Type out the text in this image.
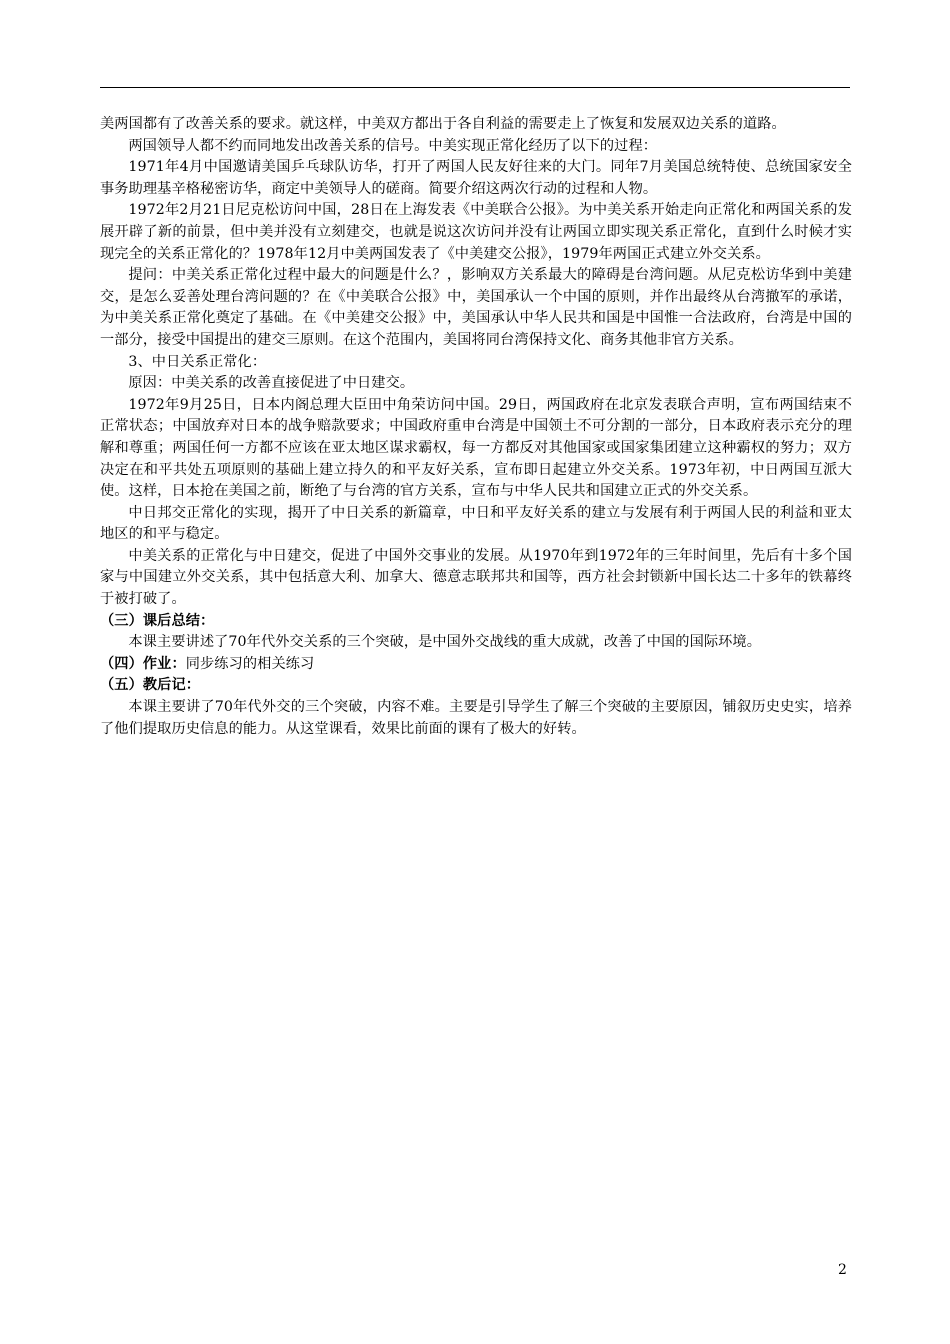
美两国都有了改善关系的要求。就这样，中美双方都出于各自利益的需要走上了恢复和发展双边关系的道路。

两国领导人都不约而同地发出改善关系的信号。中美实现正常化经历了以下的过程：

1971年4月中国邀请美国乒乓球队访华，打开了两国人民友好往来的大门。同年7月美国总统特使、总统国家安全事务助理基辛格秘密访华，商定中美领导人的磋商。简要介绍这两次行动的过程和人物。

1972年2月21日尼克松访问中国，28日在上海发表《中美联合公报》。为中美关系开始走向正常化和两国关系的发展开辟了新的前景，但中美并没有立刻建交，也就是说这次访问并没有让两国立即实现关系正常化，直到什么时候才实现完全的关系正常化的？1978年12月中美两国发表了《中美建交公报》，1979年两国正式建立外交关系。

提问：中美关系正常化过程中最大的问题是什么？，影响双方关系最大的障碍是台湾问题。从尼克松访华到中美建交，是怎么妥善处理台湾问题的？在《中美联合公报》中，美国承认一个中国的原则，并作出最终从台湾撤军的承诺，为中美关系正常化奠定了基础。在《中美建交公报》中，美国承认中华人民共和国是中国惟一合法政府，台湾是中国的一部分，接受中国提出的建交三原则。在这个范围内，美国将同台湾保持文化、商务其他非官方关系。

3、中日关系正常化：

原因：中美关系的改善直接促进了中日建交。

1972年9月25日，日本内阁总理大臣田中角荣访问中国。29日，两国政府在北京发表联合声明，宣布两国结束不正常状态；中国放弃对日本的战争赔款要求；中国政府重申台湾是中国领土不可分割的一部分，日本政府表示充分的理解和尊重；两国任何一方都不应该在亚太地区谋求霸权，每一方都反对其他国家或国家集团建立这种霸权的努力；双方决定在和平共处五项原则的基础上建立持久的和平友好关系，宣布即日起建立外交关系。1973年初，中日两国互派大使。这样，日本抢在美国之前，断绝了与台湾的官方关系，宣布与中华人民共和国建立正式的外交关系。

中日邦交正常化的实现，揭开了中日关系的新篇章，中日和平友好关系的建立与发展有利于两国人民的利益和亚太地区的和平与稳定。

中美关系的正常化与中日建交，促进了中国外交事业的发展。从1970年到1972年的三年时间里，先后有十多个国家与中国建立外交关系，其中包括意大利、加拿大、德意志联邦共和国等，西方社会封锁新中国长达二十多年的铁幕终于被打破了。

（三）课后总结：

本课主要讲述了70年代外交关系的三个突破，是中国外交战线的重大成就，改善了中国的国际环境。

（四）作业：同步练习的相关练习

（五）教后记：

本课主要讲了70年代外交的三个突破，内容不难。主要是引导学生了解三个突破的主要原因，铺叙历史史实，培养了他们提取历史信息的能力。从这堂课看，效果比前面的课有了极大的好转。

2
